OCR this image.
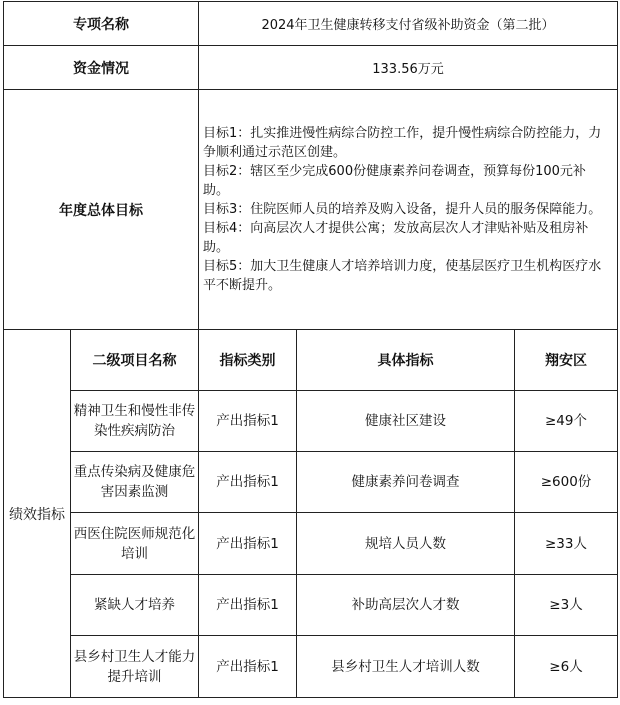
专项名称		2024年卫生健康转移支付省级补助资金（第二批）		
资金情况		133.56万元		
年度总体目标		目标1：扎实推进慢性病综合防控工作，提升慢性病综合防控能力，力争顺利通过示范区创建。
目标2：辖区至少完成600份健康素养问卷调查，预算每份100元补助。
目标3：住院医师人员的培养及购入设备，提升人员的服务保障能力。
目标4：向高层次人才提供公寓；发放高层次人才津贴补贴及租房补助。
目标5：加大卫生健康人才培养培训力度，使基层医疗卫生机构医疗水平不断提升。		

绩效指标	二级项目名称	指标类别	具体指标	翔安区
	精神卫生和慢性非传染性疾病防治	产出指标1	健康社区建设	≥49个
	重点传染病及健康危害因素监测	产出指标1	健康素养问卷调查	≥600份
	西医住院医师规范化培训	产出指标1	规培人员人数	≥33人
	紧缺人才培养	产出指标1	补助高层次人才数	≥3人
	县乡村卫生人才能力提升培训	产出指标1	县乡村卫生人才培训人数	≥6人
